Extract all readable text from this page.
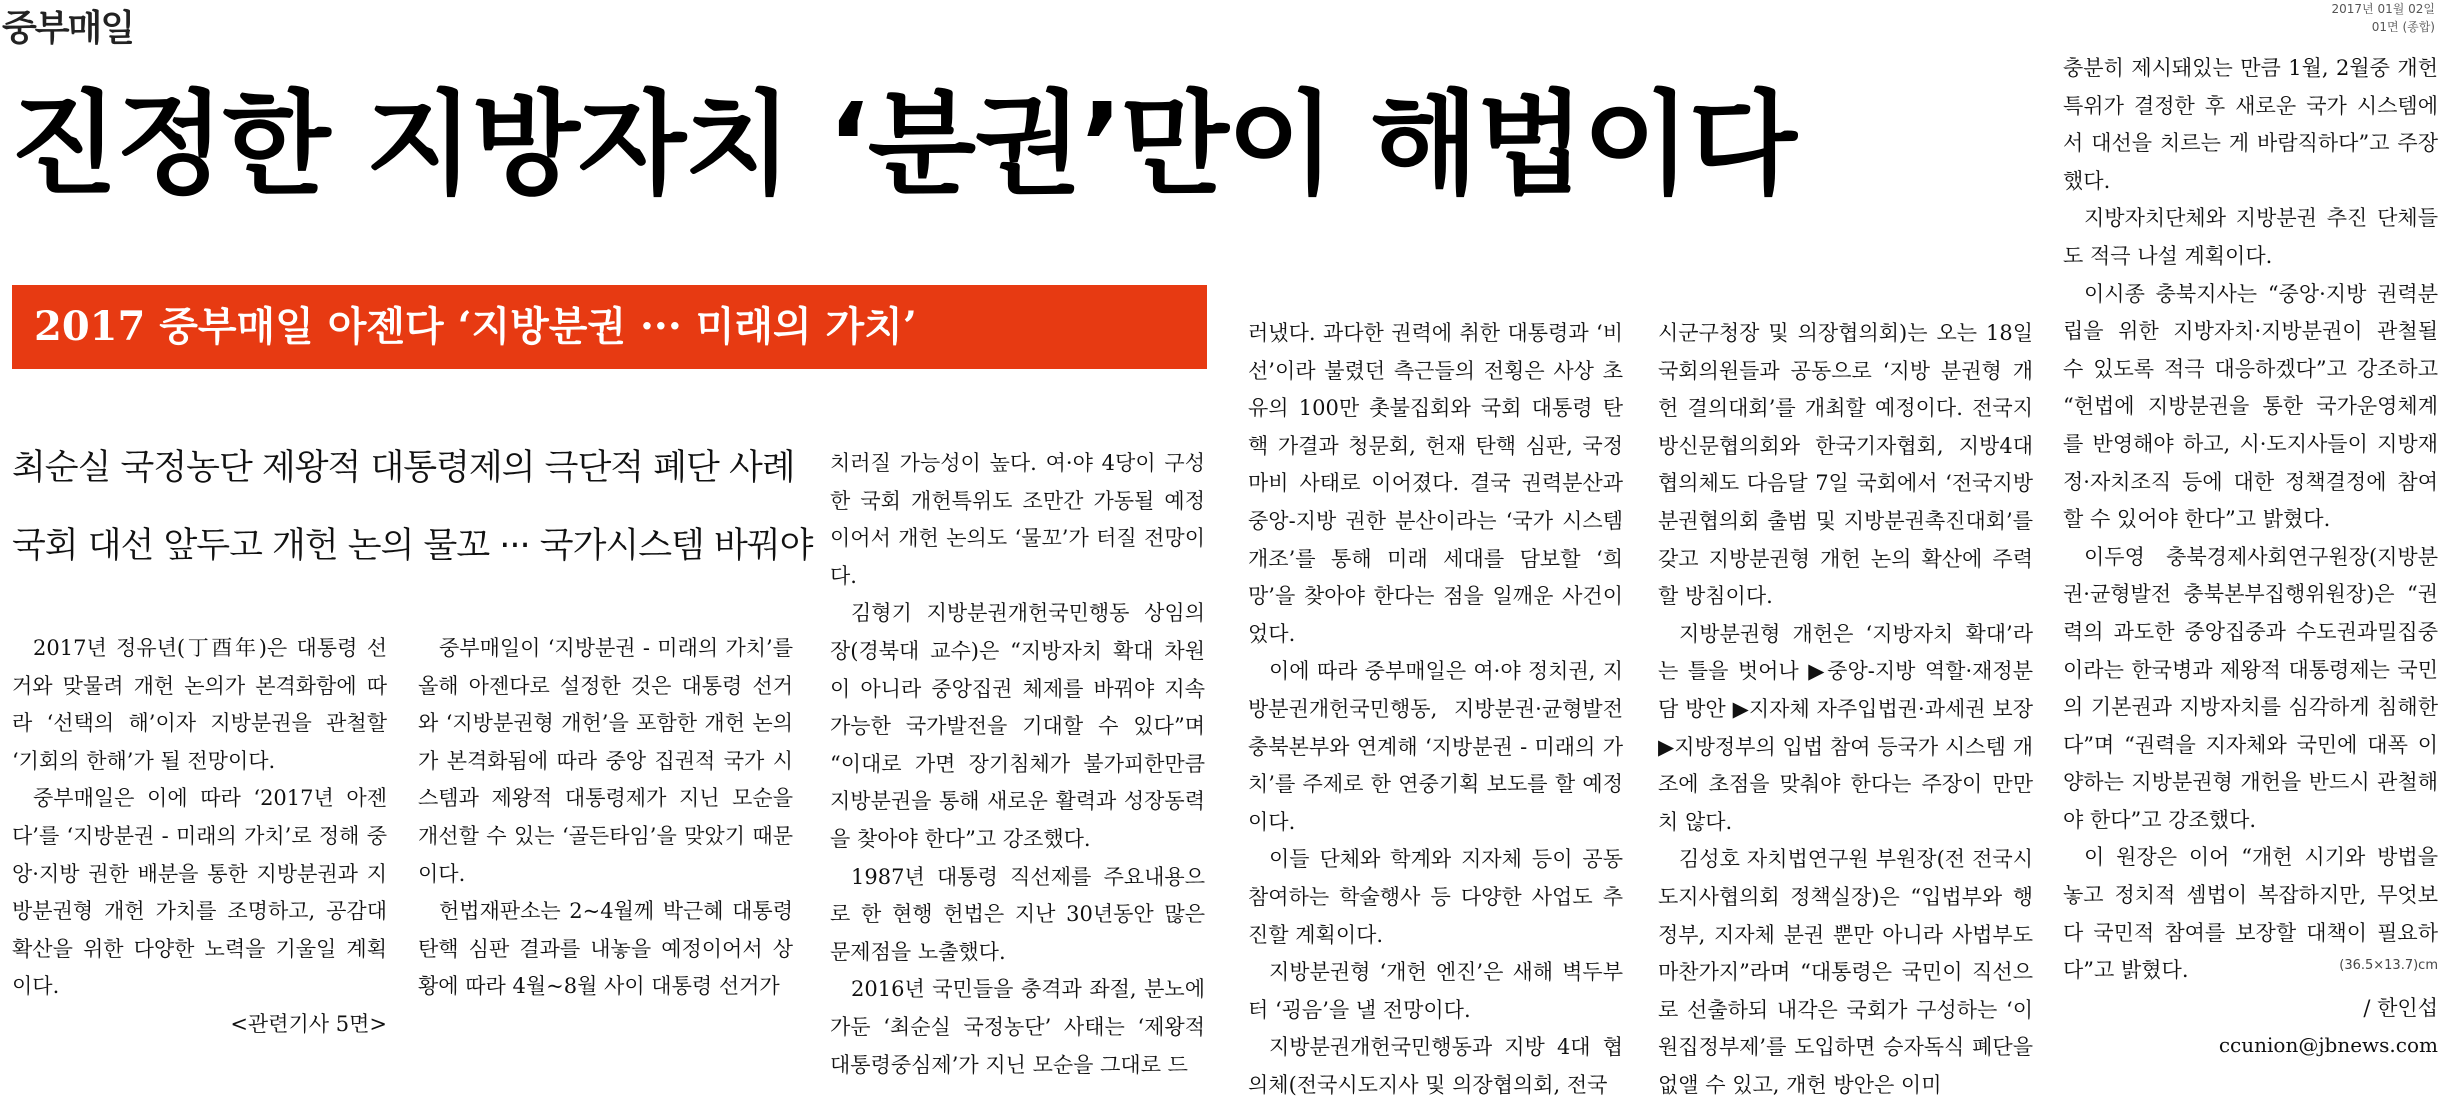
중부매일	2017년 01월 02일
01면 (종합)
진정한 지방자치 ‘분권’만이 해법이다
2017 중부매일 아젠다 ‘지방분권 ··· 미래의 가치’
최순실 국정농단 제왕적 대통령제의 극단적 폐단 사례
국회 대선 앞두고 개헌 논의 물꼬 ··· 국가시스템 바꿔야

2017년 정유년(丁酉年)은 대통령 선거와 맞물려 개헌 논의가 본격화함에 따라 ‘선택의 해’이자 지방분권을 관철할 ‘기회의 한해’가 될 전망이다.

중부매일은 이에 따라 ‘2017년 아젠다’를 ‘지방분권 - 미래의 가치’로 정해 중앙·지방 권한 배분을 통한 지방분권과 지방분권형 개헌 가치를 조명하고, 공감대 확산을 위한 다양한 노력을 기울일 계획이다.

<관련기사 5면>

중부매일이 ‘지방분권 - 미래의 가치’를 올해 아젠다로 설정한 것은 대통령 선거와 ‘지방분권형 개헌’을 포함한 개헌 논의가 본격화됨에 따라 중앙 집권적 국가 시스템과 제왕적 대통령제가 지닌 모순을 개선할 수 있는 ‘골든타임’을 맞았기 때문이다.

헌법재판소는 2~4월께 박근혜 대통령 탄핵 심판 결과를 내놓을 예정이어서 상황에 따라 4월~8월 사이 대통령 선거가

치러질 가능성이 높다. 여·야 4당이 구성한 국회 개헌특위도 조만간 가동될 예정이어서 개헌 논의도 ‘물꼬’가 터질 전망이다.

김형기 지방분권개헌국민행동 상임의장(경북대 교수)은 “지방자치 확대 차원이 아니라 중앙집권 체제를 바꿔야 지속가능한 국가발전을 기대할 수 있다”며 “이대로 가면 장기침체가 불가피한만큼 지방분권을 통해 새로운 활력과 성장동력을 찾아야 한다”고 강조했다.

1987년 대통령 직선제를 주요내용으로 한 현행 헌법은 지난 30년동안 많은 문제점을 노출했다.

2016년 국민들을 충격과 좌절, 분노에 가둔 ‘최순실 국정농단’ 사태는 ‘제왕적 대통령중심제’가 지닌 모순을 그대로 드

러냈다. 과다한 권력에 취한 대통령과 ‘비선’이라 불렸던 측근들의 전횡은 사상 초유의 100만 촛불집회와 국회 대통령 탄핵 가결과 청문회, 헌재 탄핵 심판, 국정 마비 사태로 이어졌다. 결국 권력분산과 중앙-지방 권한 분산이라는 ‘국가 시스템 개조’를 통해 미래 세대를 담보할 ‘희망’을 찾아야 한다는 점을 일깨운 사건이었다.

이에 따라 중부매일은 여·야 정치권, 지방분권개헌국민행동, 지방분권·균형발전 충북본부와 연계해 ‘지방분권 - 미래의 가치’를 주제로 한 연중기획 보도를 할 예정이다.

이들 단체와 학계와 지자체 등이 공동 참여하는 학술행사 등 다양한 사업도 추진할 계획이다.

지방분권형 ‘개헌 엔진’은 새해 벽두부터 ‘굉음’을 낼 전망이다.

지방분권개헌국민행동과 지방 4대 협의체(전국시도지사 및 의장협의회, 전국

시군구청장 및 의장협의회)는 오는 18일 국회의원들과 공동으로 ‘지방 분권형 개헌 결의대회’를 개최할 예정이다. 전국지방신문협의회와 한국기자협회, 지방4대 협의체도 다음달 7일 국회에서 ‘전국지방분권협의회 출범 및 지방분권촉진대회’를 갖고 지방분권형 개헌 논의 확산에 주력할 방침이다.

지방분권형 개헌은 ‘지방자치 확대’라는 틀을 벗어나 ▶중앙-지방 역할·재정분담 방안 ▶지자체 자주입법권·과세권 보장 ▶지방정부의 입법 참여 등국가 시스템 개조에 초점을 맞춰야 한다는 주장이 만만치 않다.

김성호 자치법연구원 부원장(전 전국시도지사협의회 정책실장)은 “입법부와 행정부, 지자체 분권 뿐만 아니라 사법부도 마찬가지”라며 “대통령은 국민이 직선으로 선출하되 내각은 국회가 구성하는 ‘이원집정부제’를 도입하면 승자독식 폐단을 없앨 수 있고, 개헌 방안은 이미

충분히 제시돼있는 만큼 1월, 2월중 개헌특위가 결정한 후 새로운 국가 시스템에서 대선을 치르는 게 바람직하다”고 주장했다.

지방자치단체와 지방분권 추진 단체들도 적극 나설 계획이다.

이시종 충북지사는 “중앙·지방 권력분립을 위한 지방자치·지방분권이 관철될 수 있도록 적극 대응하겠다”고 강조하고 “헌법에 지방분권을 통한 국가운영체계를 반영해야 하고, 시·도지사들이 지방재정·자치조직 등에 대한 정책결정에 참여할 수 있어야 한다”고 밝혔다.

이두영 충북경제사회연구원장(지방분권·균형발전 충북본부집행위원장)은 “권력의 과도한 중앙집중과 수도권과밀집중이라는 한국병과 제왕적 대통령제는 국민의 기본권과 지방자치를 심각하게 침해한다”며 “권력을 지자체와 국민에 대폭 이양하는 지방분권형 개헌을 반드시 관철해야 한다”고 강조했다.

이 원장은 이어 “개헌 시기와 방법을 놓고 정치적 셈법이 복잡하지만, 무엇보다 국민적 참여를 보장할 대책이 필요하다”고 밝혔다.

/ 한인섭

ccunion@jbnews.com

(36.5×13.7)cm
